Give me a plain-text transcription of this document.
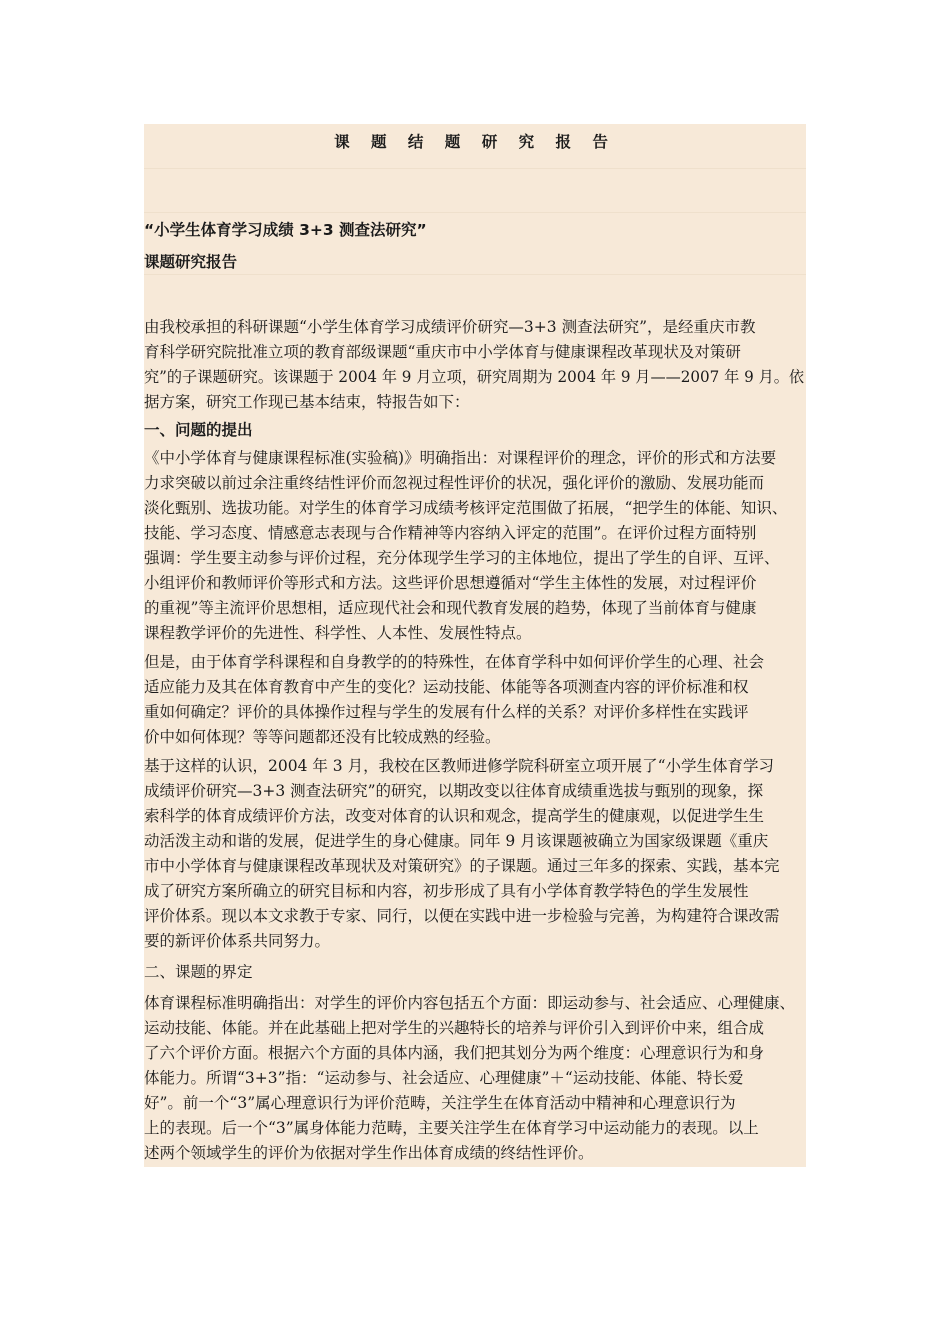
课 题 结 题 研 究 报 告
“小学生体育学习成绩 3+3 测查法研究”
课题研究报告
由我校承担的科研课题“小学生体育学习成绩评价研究—3+3 测查法研究”，是经重庆市教
育科学研究院批准立项的教育部级课题“重庆市中小学体育与健康课程改革现状及对策研
究”的子课题研究。该课题于 2004 年 9 月立项，研究周期为 2004 年 9 月——2007 年 9 月。依
据方案，研究工作现已基本结束，特报告如下：
一、问题的提出
《中小学体育与健康课程标准(实验稿)》明确指出：对课程评价的理念，评价的形式和方法要
力求突破以前过余注重终结性评价而忽视过程性评价的状况，强化评价的激励、发展功能而
淡化甄别、选拔功能。对学生的体育学习成绩考核评定范围做了拓展，“把学生的体能、知识、
技能、学习态度、情感意志表现与合作精神等内容纳入评定的范围”。在评价过程方面特别
强调：学生要主动参与评价过程，充分体现学生学习的主体地位，提出了学生的自评、互评、
小组评价和教师评价等形式和方法。这些评价思想遵循对“学生主体性的发展，对过程评价
的重视”等主流评价思想相，适应现代社会和现代教育发展的趋势，体现了当前体育与健康
课程教学评价的先进性、科学性、人本性、发展性特点。
但是，由于体育学科课程和自身教学的的特殊性，在体育学科中如何评价学生的心理、社会
适应能力及其在体育教育中产生的变化？运动技能、体能等各项测查内容的评价标准和权
重如何确定？评价的具体操作过程与学生的发展有什么样的关系？对评价多样性在实践评
价中如何体现？等等问题都还没有比较成熟的经验。
基于这样的认识，2004 年 3 月，我校在区教师进修学院科研室立项开展了“小学生体育学习
成绩评价研究—3+3 测查法研究”的研究，以期改变以往体育成绩重选拔与甄别的现象，探
索科学的体育成绩评价方法，改变对体育的认识和观念，提高学生的健康观，以促进学生生
动活泼主动和谐的发展，促进学生的身心健康。同年 9 月该课题被确立为国家级课题《重庆
市中小学体育与健康课程改革现状及对策研究》的子课题。通过三年多的探索、实践，基本完
成了研究方案所确立的研究目标和内容，初步形成了具有小学体育教学特色的学生发展性
评价体系。现以本文求教于专家、同行，以便在实践中进一步检验与完善，为构建符合课改需
要的新评价体系共同努力。
二、课题的界定
体育课程标准明确指出：对学生的评价内容包括五个方面：即运动参与、社会适应、心理健康、
运动技能、体能。并在此基础上把对学生的兴趣特长的培养与评价引入到评价中来，组合成
了六个评价方面。根据六个方面的具体内涵，我们把其划分为两个维度：心理意识行为和身
体能力。所谓“3+3”指：“运动参与、社会适应、心理健康”＋“运动技能、体能、特长爱
好”。前一个“3”属心理意识行为评价范畴，关注学生在体育活动中精神和心理意识行为
上的表现。后一个“3”属身体能力范畴，主要关注学生在体育学习中运动能力的表现。以上
述两个领域学生的评价为依据对学生作出体育成绩的终结性评价。
